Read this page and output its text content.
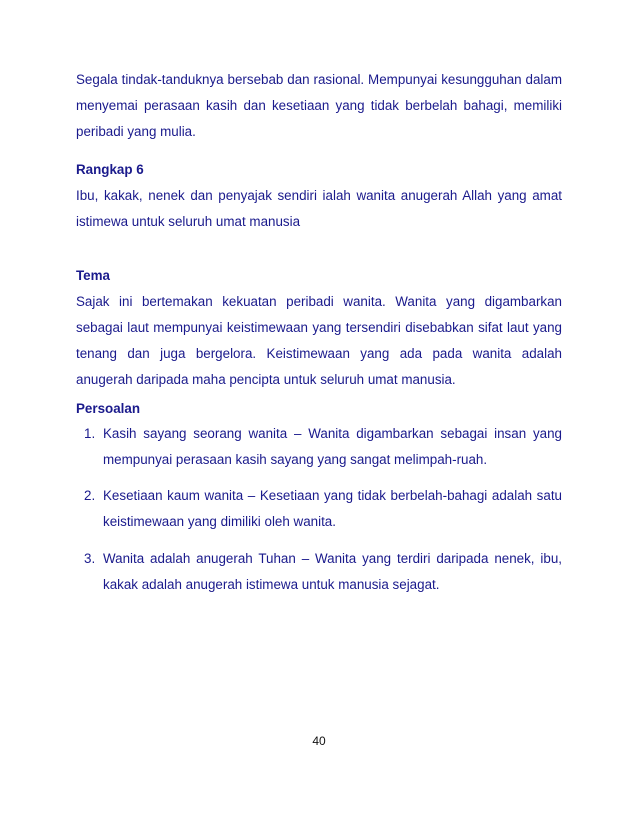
Segala tindak-tanduknya bersebab dan rasional. Mempunyai kesungguhan dalam menyemai perasaan kasih dan kesetiaan yang tidak berbelah bahagi, memiliki peribadi yang mulia.

Rangkap 6

Ibu, kakak, nenek dan penyajak sendiri ialah wanita anugerah Allah yang amat istimewa untuk seluruh umat manusia

Tema

Sajak ini bertemakan kekuatan peribadi wanita. Wanita yang digambarkan sebagai laut mempunyai keistimewaan yang tersendiri disebabkan sifat laut yang tenang dan juga bergelora. Keistimewaan yang ada pada wanita adalah anugerah daripada maha pencipta untuk seluruh umat manusia.

Persoalan

1. Kasih sayang seorang wanita – Wanita digambarkan sebagai insan yang mempunyai perasaan kasih sayang yang sangat melimpah-ruah.
2. Kesetiaan kaum wanita – Kesetiaan yang tidak berbelah-bahagi adalah satu keistimewaan yang dimiliki oleh wanita.
3. Wanita adalah anugerah Tuhan – Wanita yang terdiri daripada nenek, ibu, kakak adalah anugerah istimewa untuk manusia sejagat.
40
